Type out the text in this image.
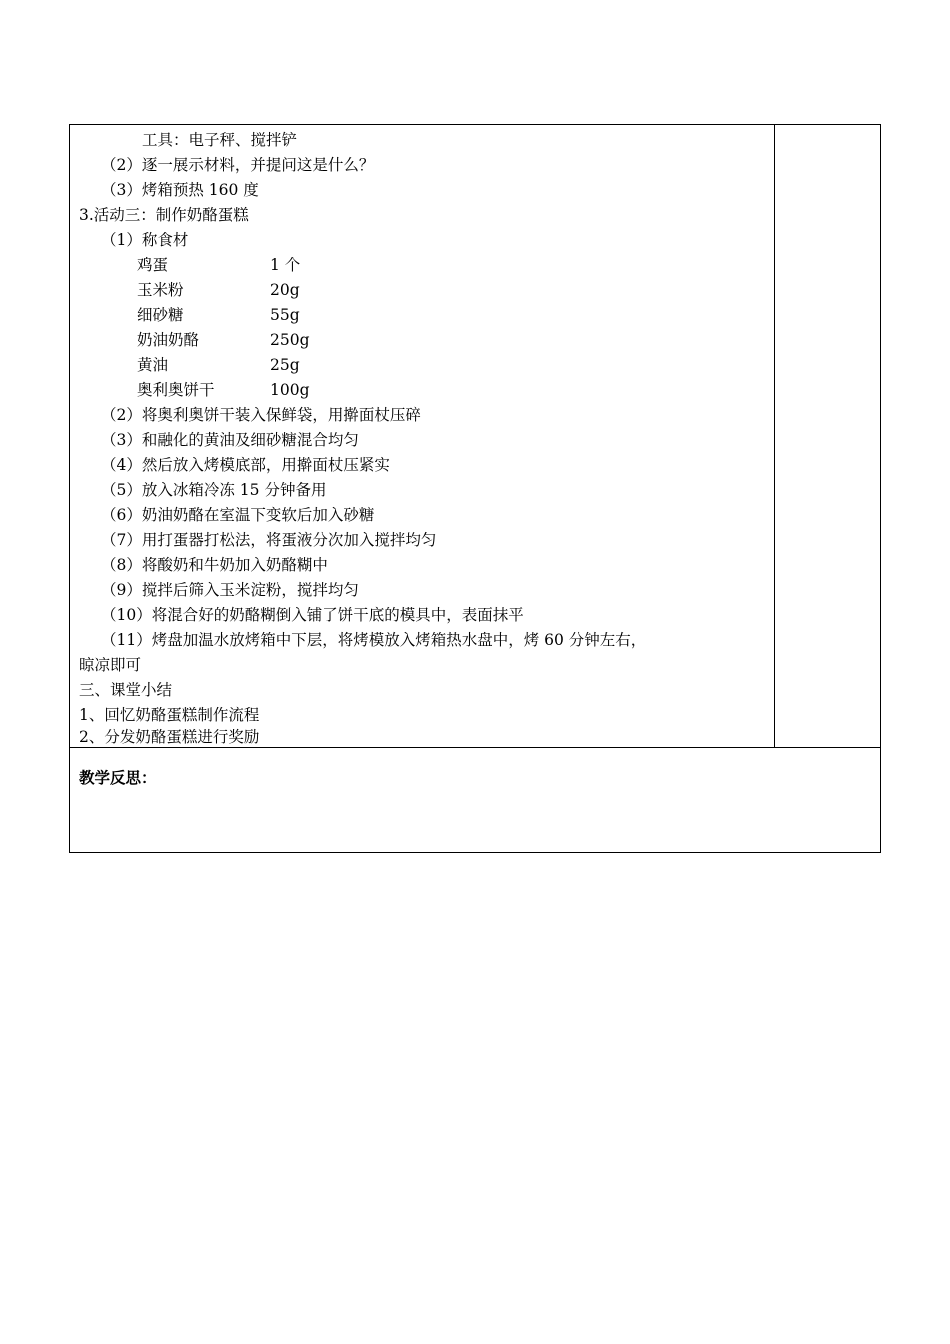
工具：电子秤、搅拌铲
（2）逐一展示材料，并提问这是什么？
（3）烤箱预热 160 度
3.活动三：制作奶酪蛋糕
（1）称食材
鸡蛋	1 个
玉米粉	20g
细砂糖	55g
奶油奶酪	250g
黄油	25g
奥利奥饼干	100g
（2）将奥利奥饼干装入保鲜袋，用擀面杖压碎
（3）和融化的黄油及细砂糖混合均匀
（4）然后放入烤模底部，用擀面杖压紧实
（5）放入冰箱冷冻 15 分钟备用
（6）奶油奶酪在室温下变软后加入砂糖
（7）用打蛋器打松法，将蛋液分次加入搅拌均匀
（8）将酸奶和牛奶加入奶酪糊中
（9）搅拌后筛入玉米淀粉，搅拌均匀
（10）将混合好的奶酪糊倒入铺了饼干底的模具中，表面抹平
（11）烤盘加温水放烤箱中下层，将烤模放入烤箱热水盘中，烤 60 分钟左右，
晾凉即可
三、课堂小结
1、回忆奶酪蛋糕制作流程
2、分发奶酪蛋糕进行奖励
教学反思：
